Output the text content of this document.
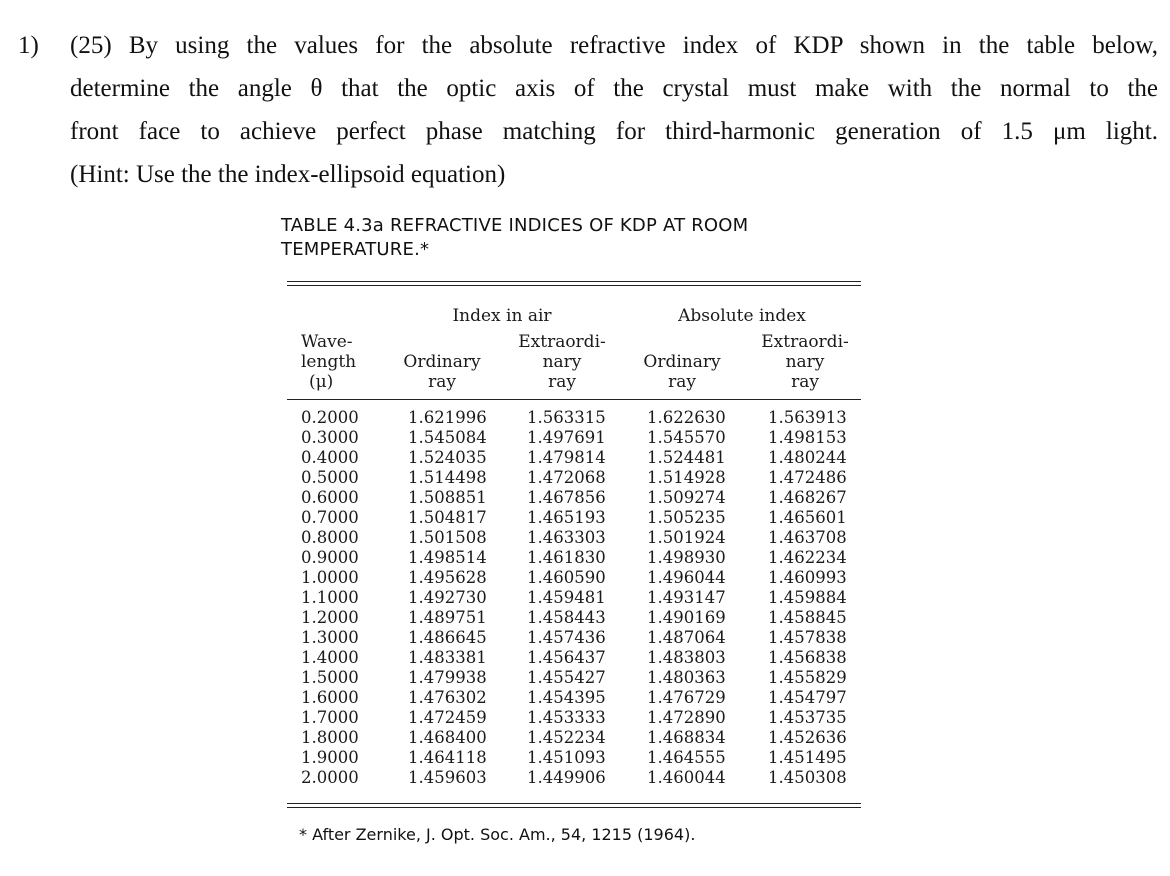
1) (25) By using the values for the absolute refractive index of KDP shown in the table below,
determine the angle θ that the optic axis of the crystal must make with the normal to the
front face to achieve perfect phase matching for third-harmonic generation of 1.5 μm light.
(Hint: Use the the index-ellipsoid equation)
TABLE 4.3a REFRACTIVE INDICES OF KDP AT ROOM
TEMPERATURE.*
Index in air	Absolute index
Wave-
length
(μ)

Ordinary
ray
Extraordi-
nary
ray

Ordinary
ray
Extraordi-
nary
ray
0.2000
0.3000
0.4000
0.5000
0.6000
0.7000
0.8000
0.9000
1.0000
1.1000
1.2000
1.3000
1.4000
1.5000
1.6000
1.7000
1.8000
1.9000
2.0000
1.621996
1.545084
1.524035
1.514498
1.508851
1.504817
1.501508
1.498514
1.495628
1.492730
1.489751
1.486645
1.483381
1.479938
1.476302
1.472459
1.468400
1.464118
1.459603
1.563315
1.497691
1.479814
1.472068
1.467856
1.465193
1.463303
1.461830
1.460590
1.459481
1.458443
1.457436
1.456437
1.455427
1.454395
1.453333
1.452234
1.451093
1.449906
1.622630
1.545570
1.524481
1.514928
1.509274
1.505235
1.501924
1.498930
1.496044
1.493147
1.490169
1.487064
1.483803
1.480363
1.476729
1.472890
1.468834
1.464555
1.460044
1.563913
1.498153
1.480244
1.472486
1.468267
1.465601
1.463708
1.462234
1.460993
1.459884
1.458845
1.457838
1.456838
1.455829
1.454797
1.453735
1.452636
1.451495
1.450308
* After Zernike, J. Opt. Soc. Am., 54, 1215 (1964).
